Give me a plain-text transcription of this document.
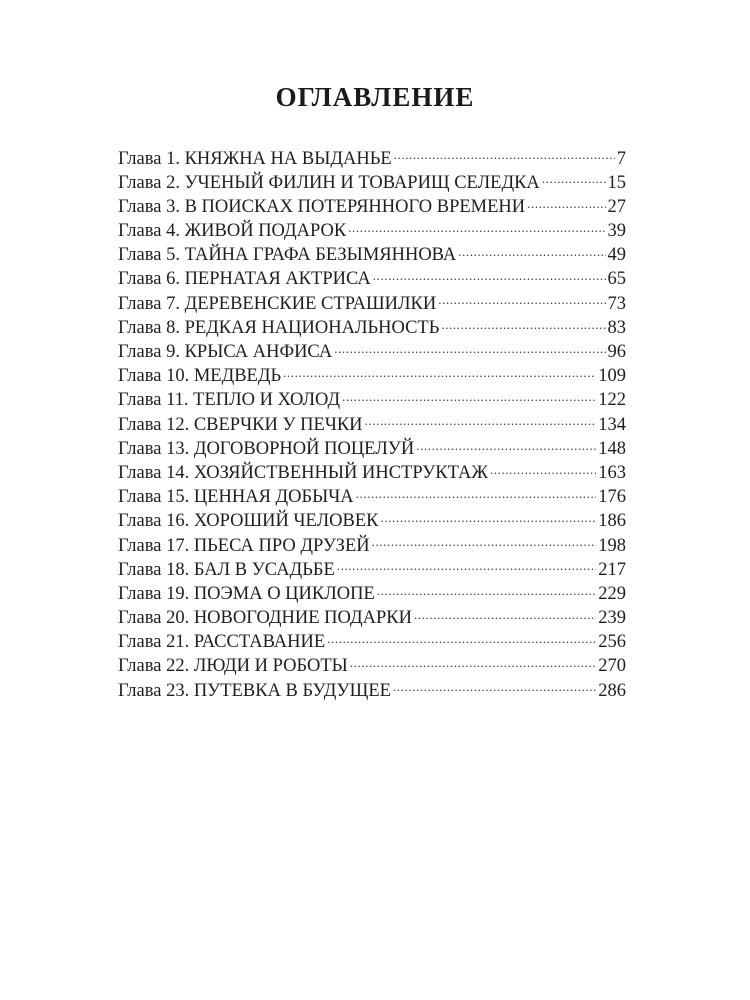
ОГЛАВЛЕНИЕ
Глава 1. КНЯЖНА НА ВЫДАНЬЕ .....	7
Глава 2. УЧЕНЫЙ ФИЛИН И ТОВАРИЩ СЕЛЕДКА .....	15
Глава 3. В ПОИСКАХ ПОТЕРЯННОГО ВРЕМЕНИ .....	27
Глава 4. ЖИВОЙ ПОДАРОК .....	39
Глава 5. ТАЙНА ГРАФА БЕЗЫМЯННОВА .....	49
Глава 6. ПЕРНАТАЯ АКТРИСА .....	65
Глава 7. ДЕРЕВЕНСКИЕ СТРАШИЛКИ .....	73
Глава 8. РЕДКАЯ НАЦИОНАЛЬНОСТЬ .....	83
Глава 9. КРЫСА АНФИСА .....	96
Глава 10. МЕДВЕДЬ .....	109
Глава 11. ТЕПЛО И ХОЛОД .....	122
Глава 12. СВЕРЧКИ У ПЕЧКИ .....	134
Глава 13. ДОГОВОРНОЙ ПОЦЕЛУЙ .....	148
Глава 14. ХОЗЯЙСТВЕННЫЙ ИНСТРУКТАЖ .....	163
Глава 15. ЦЕННАЯ ДОБЫЧА .....	176
Глава 16. ХОРОШИЙ ЧЕЛОВЕК .....	186
Глава 17. ПЬЕСА ПРО ДРУЗЕЙ .....	198
Глава 18. БАЛ В УСАДЬБЕ .....	217
Глава 19. ПОЭМА О ЦИКЛОПЕ .....	229
Глава 20. НОВОГОДНИЕ ПОДАРКИ .....	239
Глава 21. РАССТАВАНИЕ .....	256
Глава 22. ЛЮДИ И РОБОТЫ .....	270
Глава 23. ПУТЕВКА В БУДУЩЕЕ .....	286
